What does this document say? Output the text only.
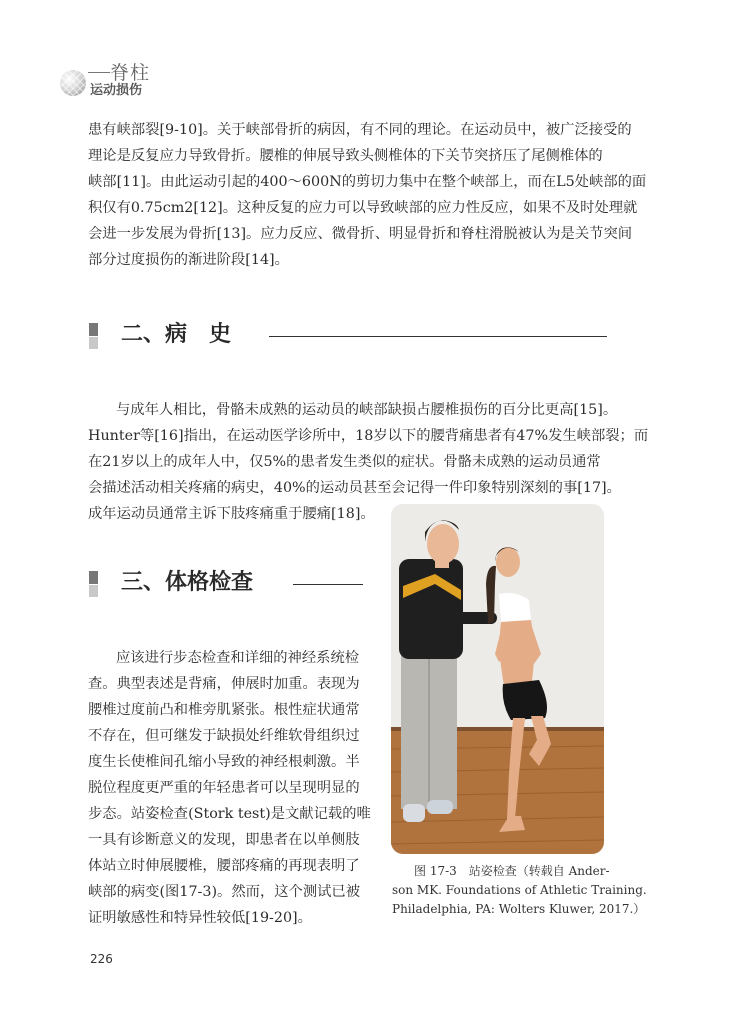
脊柱
运动损伤
患有峡部裂[9-10]。关于峡部骨折的病因，有不同的理论。在运动员中，被广泛接受的
理论是反复应力导致骨折。腰椎的伸展导致头侧椎体的下关节突挤压了尾侧椎体的
峡部[11]。由此运动引起的400～600N的剪切力集中在整个峡部上，而在L5处峡部的面
积仅有0.75cm2[12]。这种反复的应力可以导致峡部的应力性反应，如果不及时处理就
会进一步发展为骨折[13]。应力反应、微骨折、明显骨折和脊柱滑脱被认为是关节突间
部分过度损伤的渐进阶段[14]。
二、病　史
与成年人相比，骨骼未成熟的运动员的峡部缺损占腰椎损伤的百分比更高[15]。
Hunter等[16]指出，在运动医学诊所中，18岁以下的腰背痛患者有47%发生峡部裂；而
在21岁以上的成年人中，仅5%的患者发生类似的症状。骨骼未成熟的运动员通常
会描述活动相关疼痛的病史，40%的运动员甚至会记得一件印象特别深刻的事[17]。
成年运动员通常主诉下肢疼痛重于腰痛[18]。
三、体格检查
应该进行步态检查和详细的神经系统检
查。典型表述是背痛，伸展时加重。表现为
腰椎过度前凸和椎旁肌紧张。根性症状通常
不存在，但可继发于缺损处纤维软骨组织过
度生长使椎间孔缩小导致的神经根刺激。半
脱位程度更严重的年轻患者可以呈现明显的
步态。站姿检查(Stork test)是文献记载的唯
一具有诊断意义的发现，即患者在以单侧肢
体站立时伸展腰椎，腰部疼痛的再现表明了
峡部的病变(图17-3)。然而，这个测试已被
证明敏感性和特异性较低[19-20]。
图 17-3　站姿检查（转载自 Ander-
son MK. Foundations of Athletic Training.
Philadelphia, PA: Wolters Kluwer, 2017.）
226
